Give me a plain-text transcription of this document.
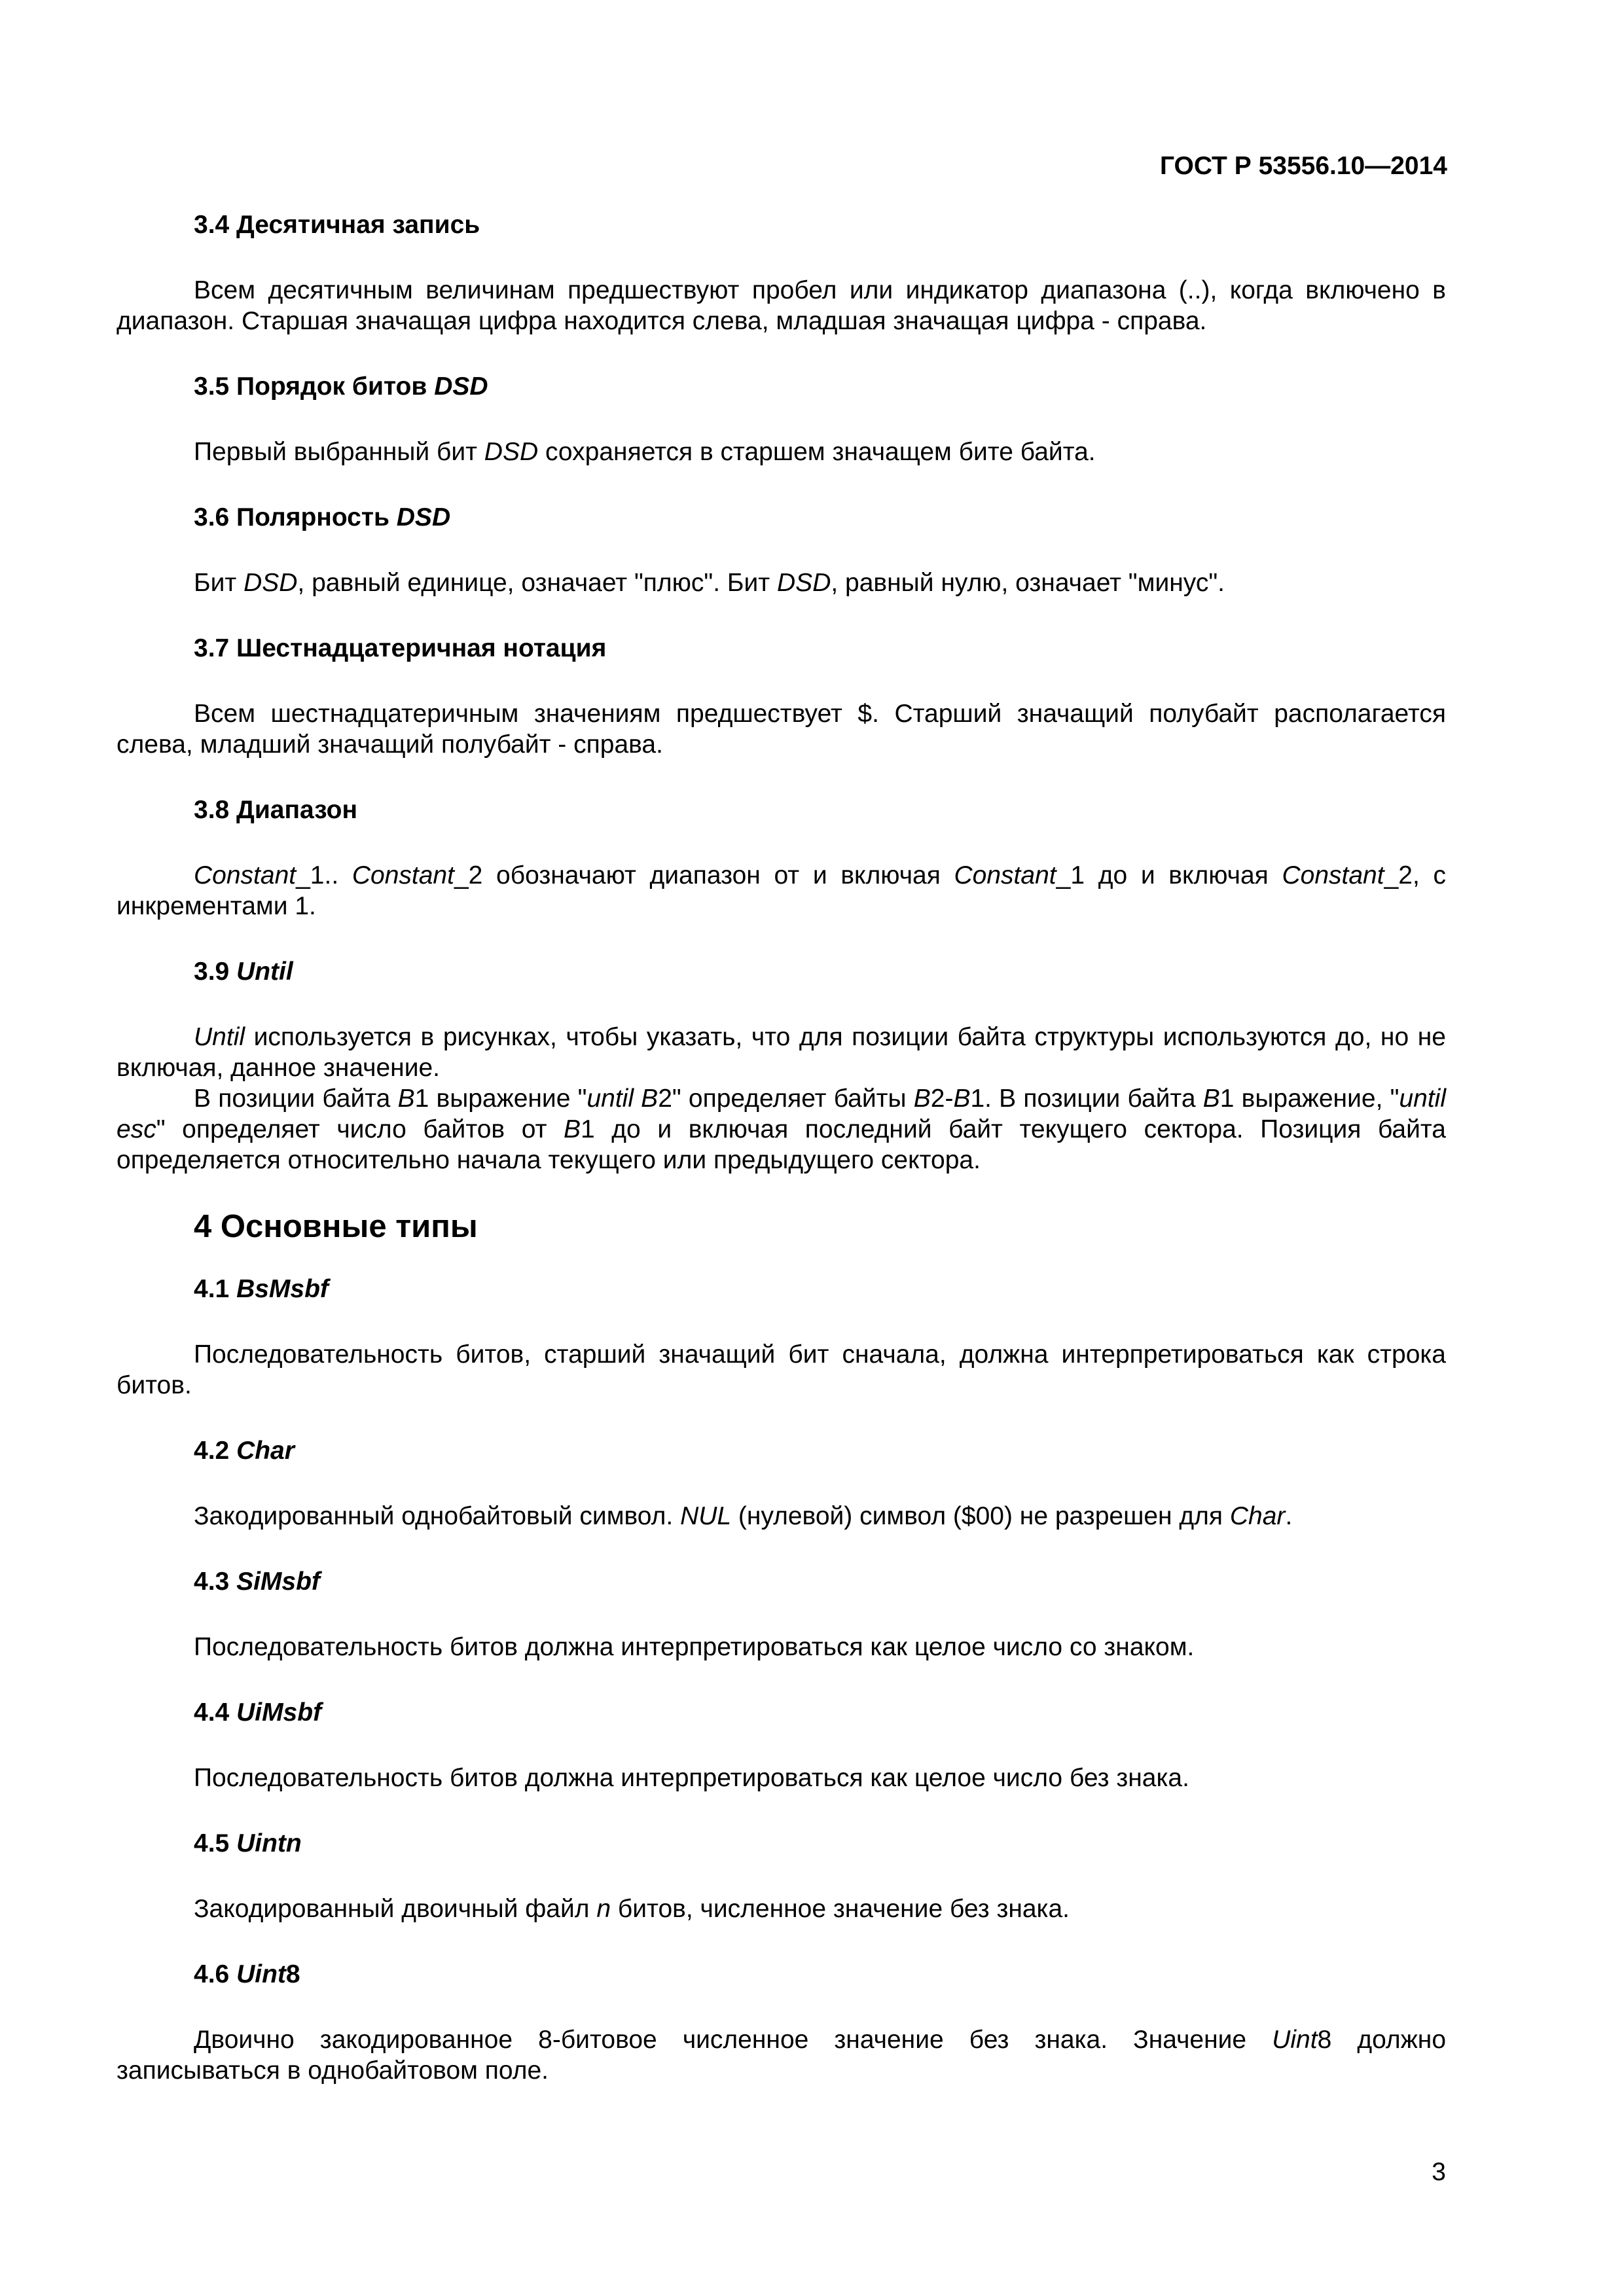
ГОСТ Р 53556.10—2014
3.4 Десятичная запись
Всем десятичным величинам предшествуют пробел или индикатор диапазона (..), когда включено в диапазон. Старшая значащая цифра находится слева, младшая значащая цифра - справа.
3.5 Порядок битов DSD
Первый выбранный бит DSD сохраняется в старшем значащем бите байта.
3.6 Полярность DSD
Бит DSD, равный единице, означает "плюс". Бит DSD, равный нулю, означает "минус".
3.7 Шестнадцатеричная нотация
Всем шестнадцатеричным значениям предшествует $. Старший значащий полубайт располагается слева, младший значащий полубайт - справа.
3.8 Диапазон
Constant_1.. Constant_2 обозначают диапазон от и включая Constant_1 до и включая Constant_2, с инкрементами 1.
3.9 Until
Until используется в рисунках, чтобы указать, что для позиции байта структуры используются до, но не включая, данное значение.
В позиции байта B1 выражение "until B2" определяет байты B2-B1. В позиции байта B1 выражение, "until esc" определяет число байтов от B1 до и включая последний байт текущего сектора. Позиция байта определяется относительно начала текущего или предыдущего сектора.
4 Основные типы
4.1 BsMsbf
Последовательность битов, старший значащий бит сначала, должна интерпретироваться как строка битов.
4.2 Char
Закодированный однобайтовый символ. NUL (нулевой) символ ($00) не разрешен для Char.
4.3 SiMsbf
Последовательность битов должна интерпретироваться как целое число со знаком.
4.4 UiMsbf
Последовательность битов должна интерпретироваться как целое число без знака.
4.5 Uintn
Закодированный двоичный файл n битов, численное значение без знака.
4.6 Uint8
Двоично закодированное 8-битовое численное значение без знака. Значение Uint8 должно записываться в однобайтовом поле.
3
